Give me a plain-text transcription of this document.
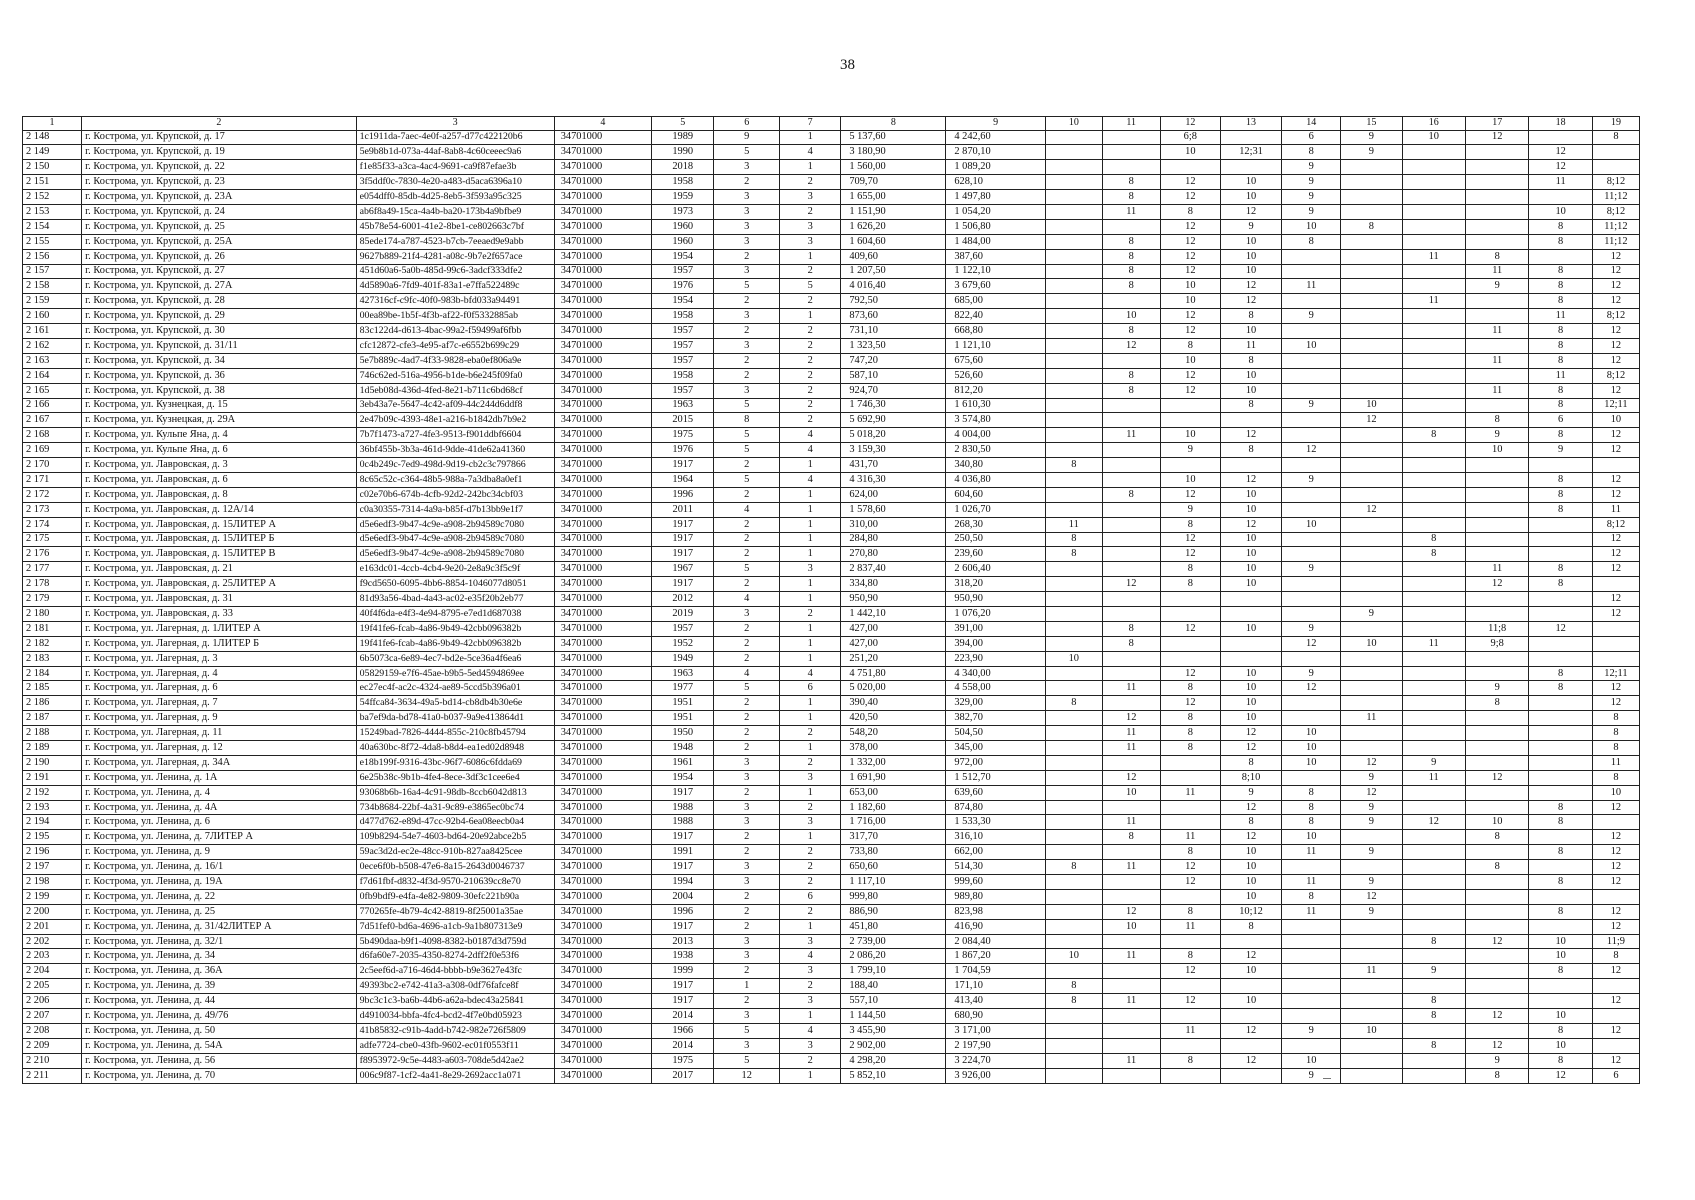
38
1	2	3	4	5	6	7	8	9	10	11	12	13	14	15	16	17	18	19
2 148	г. Кострома, ул. Крупской, д. 17	1c1911da-7aec-4e0f-a257-d77c422120b6	34701000	1989	9	1	5 137,60	4 242,60			6;8		6	9	10	12		8
2 149	г. Кострома, ул. Крупской, д. 19	5e9b8b1d-073a-44af-8ab8-4c60ceeec9a6	34701000	1990	5	4	3 180,90	2 870,10			10	12;31	8	9			12	
2 150	г. Кострома, ул. Крупской, д. 22	f1e85f33-a3ca-4ac4-9691-ca9f87efae3b	34701000	2018	3	1	1 560,00	1 089,20					9				12	
2 151	г. Кострома, ул. Крупской, д. 23	3f5ddf0c-7830-4e20-a483-d5aca6396a10	34701000	1958	2	2	709,70	628,10		8	12	10	9				11	8;12
2 152	г. Кострома, ул. Крупской, д. 23А	e054dff0-85db-4d25-8eb5-3f593a95c325	34701000	1959	3	3	1 655,00	1 497,80		8	12	10	9					11;12
2 153	г. Кострома, ул. Крупской, д. 24	ab6f8a49-15ca-4a4b-ba20-173b4a9bfbe9	34701000	1973	3	2	1 151,90	1 054,20		11	8	12	9				10	8;12
2 154	г. Кострома, ул. Крупской, д. 25	45b78e54-6001-41e2-8be1-ce802663c7bf	34701000	1960	3	3	1 626,20	1 506,80			12	9	10	8			8	11;12
2 155	г. Кострома, ул. Крупской, д. 25А	85ede174-a787-4523-b7cb-7eeaed9e9abb	34701000	1960	3	3	1 604,60	1 484,00		8	12	10	8				8	11;12
2 156	г. Кострома, ул. Крупской, д. 26	9627b889-21f4-4281-a08c-9b7e2f657ace	34701000	1954	2	1	409,60	387,60		8	12	10			11	8		12
2 157	г. Кострома, ул. Крупской, д. 27	451d60a6-5a0b-485d-99c6-3adcf333dfe2	34701000	1957	3	2	1 207,50	1 122,10		8	12	10				11	8	12
2 158	г. Кострома, ул. Крупской, д. 27А	4d5890a6-7fd9-401f-83a1-e7ffa522489c	34701000	1976	5	5	4 016,40	3 679,60		8	10	12	11			9	8	12
2 159	г. Кострома, ул. Крупской, д. 28	427316cf-c9fc-40f0-983b-bfd033a94491	34701000	1954	2	2	792,50	685,00			10	12			11		8	12
2 160	г. Кострома, ул. Крупской, д. 29	00ea89be-1b5f-4f3b-af22-f0f5332885ab	34701000	1958	3	1	873,60	822,40		10	12	8	9				11	8;12
2 161	г. Кострома, ул. Крупской, д. 30	83c122d4-d613-4bac-99a2-f59499af6fbb	34701000	1957	2	2	731,10	668,80		8	12	10				11	8	12
2 162	г. Кострома, ул. Крупской, д. 31/11	cfc12872-cfe3-4e95-af7c-e6552b699c29	34701000	1957	3	2	1 323,50	1 121,10		12	8	11	10				8	12
2 163	г. Кострома, ул. Крупской, д. 34	5e7b889c-4ad7-4f33-9828-eba0ef806a9e	34701000	1957	2	2	747,20	675,60			10	8				11	8	12
2 164	г. Кострома, ул. Крупской, д. 36	746c62ed-516a-4956-b1de-b6e245f09fa0	34701000	1958	2	2	587,10	526,60		8	12	10					11	8;12
2 165	г. Кострома, ул. Крупской, д. 38	1d5eb08d-436d-4fed-8e21-b711c6bd68cf	34701000	1957	3	2	924,70	812,20		8	12	10				11	8	12
2 166	г. Кострома, ул. Кузнецкая, д. 15	3eb43a7e-5647-4c42-af09-44c244d6ddf8	34701000	1963	5	2	1 746,30	1 610,30				8	9	10			8	12;11
2 167	г. Кострома, ул. Кузнецкая, д. 29А	2e47b09c-4393-48e1-a216-b1842db7b9e2	34701000	2015	8	2	5 692,90	3 574,80						12		8	6	10
2 168	г. Кострома, ул. Кульпе Яна, д. 4	7b7f1473-a727-4fe3-9513-f901ddbf6604	34701000	1975	5	4	5 018,20	4 004,00		11	10	12			8	9	8	12
2 169	г. Кострома, ул. Кульпе Яна, д. 6	36bf455b-3b3a-461d-9dde-41de62a41360	34701000	1976	5	4	3 159,30	2 830,50			9	8	12			10	9	12
2 170	г. Кострома, ул. Лавровская, д. 3	0c4b249c-7ed9-498d-9d19-cb2c3c797866	34701000	1917	2	1	431,70	340,80	8									
2 171	г. Кострома, ул. Лавровская, д. 6	8c65c52c-c364-48b5-988a-7a3dba8a0ef1	34701000	1964	5	4	4 316,30	4 036,80			10	12	9				8	12
2 172	г. Кострома, ул. Лавровская, д. 8	c02e70b6-674b-4cfb-92d2-242bc34cbf03	34701000	1996	2	1	624,00	604,60		8	12	10					8	12
2 173	г. Кострома, ул. Лавровская, д. 12А/14	c0a30355-7314-4a9a-b85f-d7b13bb9e1f7	34701000	2011	4	1	1 578,60	1 026,70			9	10		12			8	11
2 174	г. Кострома, ул. Лавровская, д. 15ЛИТЕР А	d5e6edf3-9b47-4c9e-a908-2b94589c7080	34701000	1917	2	1	310,00	268,30	11		8	12	10					8;12
2 175	г. Кострома, ул. Лавровская, д. 15ЛИТЕР Б	d5e6edf3-9b47-4c9e-a908-2b94589c7080	34701000	1917	2	1	284,80	250,50	8		12	10			8			12
2 176	г. Кострома, ул. Лавровская, д. 15ЛИТЕР В	d5e6edf3-9b47-4c9e-a908-2b94589c7080	34701000	1917	2	1	270,80	239,60	8		12	10			8			12
2 177	г. Кострома, ул. Лавровская, д. 21	e163dc01-4ccb-4cb4-9e20-2e8a9c3f5c9f	34701000	1967	5	3	2 837,40	2 606,40			8	10	9			11	8	12
2 178	г. Кострома, ул. Лавровская, д. 25ЛИТЕР А	f9cd5650-6095-4bb6-8854-1046077d8051	34701000	1917	2	1	334,80	318,20		12	8	10				12	8	
2 179	г. Кострома, ул. Лавровская, д. 31	81d93a56-4bad-4a43-ac02-e35f20b2eb77	34701000	2012	4	1	950,90	950,90										12
2 180	г. Кострома, ул. Лавровская, д. 33	40f4f6da-e4f3-4e94-8795-e7ed1d687038	34701000	2019	3	2	1 442,10	1 076,20						9				12
2 181	г. Кострома, ул. Лагерная, д. 1ЛИТЕР А	19f41fe6-fcab-4a86-9b49-42cbb096382b	34701000	1957	2	1	427,00	391,00		8	12	10	9			11;8	12	
2 182	г. Кострома, ул. Лагерная, д. 1ЛИТЕР Б	19f41fe6-fcab-4a86-9b49-42cbb096382b	34701000	1952	2	1	427,00	394,00		8			12	10	11	9;8		
2 183	г. Кострома, ул. Лагерная, д. 3	6b5073ca-6e89-4ec7-bd2e-5ce36a4f6ea6	34701000	1949	2	1	251,20	223,90	10									
2 184	г. Кострома, ул. Лагерная, д. 4	05829159-e7f6-45ae-b9b5-5ed4594869ee	34701000	1963	4	4	4 751,80	4 340,00			12	10	9				8	12;11
2 185	г. Кострома, ул. Лагерная, д. 6	ec27ec4f-ac2c-4324-ae89-5ccd5b396a01	34701000	1977	5	6	5 020,00	4 558,00		11	8	10	12			9	8	12
2 186	г. Кострома, ул. Лагерная, д. 7	54ffca84-3634-49a5-bd14-cb8db4b30e6e	34701000	1951	2	1	390,40	329,00	8		12	10				8		12
2 187	г. Кострома, ул. Лагерная, д. 9	ba7ef9da-bd78-41a0-b037-9a9e413864d1	34701000	1951	2	1	420,50	382,70		12	8	10		11				8
2 188	г. Кострома, ул. Лагерная, д. 11	15249bad-7826-4444-855c-210c8fb45794	34701000	1950	2	2	548,20	504,50		11	8	12	10					8
2 189	г. Кострома, ул. Лагерная, д. 12	40a630bc-8f72-4da8-b8d4-ea1ed02d8948	34701000	1948	2	1	378,00	345,00		11	8	12	10					8
2 190	г. Кострома, ул. Лагерная, д. 34А	e18b199f-9316-43bc-96f7-6086c6fdda69	34701000	1961	3	2	1 332,00	972,00				8	10	12	9			11
2 191	г. Кострома, ул. Ленина, д. 1А	6e25b38c-9b1b-4fe4-8ece-3df3c1cee6e4	34701000	1954	3	3	1 691,90	1 512,70		12		8;10		9	11	12		8
2 192	г. Кострома, ул. Ленина, д. 4	93068b6b-16a4-4c91-98db-8ccb6042d813	34701000	1917	2	1	653,00	639,60		10	11	9	8	12				10
2 193	г. Кострома, ул. Ленина, д. 4А	734b8684-22bf-4a31-9c89-e3865ec0bc74	34701000	1988	3	2	1 182,60	874,80				12	8	9			8	12
2 194	г. Кострома, ул. Ленина, д. 6	d477d762-e89d-47cc-92b4-6ea08eecb0a4	34701000	1988	3	3	1 716,00	1 533,30		11		8	8	9	12	10	8	
2 195	г. Кострома, ул. Ленина, д. 7ЛИТЕР А	109b8294-54e7-4603-bd64-20e92abce2b5	34701000	1917	2	1	317,70	316,10		8	11	12	10			8		12
2 196	г. Кострома, ул. Ленина, д. 9	59ac3d2d-ec2e-48cc-910b-827aa8425cee	34701000	1991	2	2	733,80	662,00			8	10	11	9			8	12
2 197	г. Кострома, ул. Ленина, д. 16/1	0ece6f0b-b508-47e6-8a15-2643d0046737	34701000	1917	3	2	650,60	514,30	8	11	12	10				8		12
2 198	г. Кострома, ул. Ленина, д. 19А	f7d61fbf-d832-4f3d-9570-210639cc8e70	34701000	1994	3	2	1 117,10	999,60			12	10	11	9			8	12
2 199	г. Кострома, ул. Ленина, д. 22	0fb9bdf9-e4fa-4e82-9809-30efc221b90a	34701000	2004	2	6	999,80	989,80				10	8	12				
2 200	г. Кострома, ул. Ленина, д. 25	770265fe-4b79-4c42-8819-8f25001a35ae	34701000	1996	2	2	886,90	823,98		12	8	10;12	11	9			8	12
2 201	г. Кострома, ул. Ленина, д. 31/42ЛИТЕР А	7d51fef0-bd6a-4696-a1cb-9a1b807313e9	34701000	1917	2	1	451,80	416,90		10	11	8						12
2 202	г. Кострома, ул. Ленина, д. 32/1	5b490daa-b9f1-4098-8382-b0187d3d759d	34701000	2013	3	3	2 739,00	2 084,40							8	12	10	11;9
2 203	г. Кострома, ул. Ленина, д. 34	d6fa60e7-2035-4350-8274-2dff2f0e53f6	34701000	1938	3	4	2 086,20	1 867,20	10	11	8	12					10	8
2 204	г. Кострома, ул. Ленина, д. 36А	2c5eef6d-a716-46d4-bbbb-b9e3627e43fc	34701000	1999	2	3	1 799,10	1 704,59			12	10		11	9		8	12
2 205	г. Кострома, ул. Ленина, д. 39	49393bc2-e742-41a3-a308-0df76fafce8f	34701000	1917	1	2	188,40	171,10	8									
2 206	г. Кострома, ул. Ленина, д. 44	9bc3c1c3-ba6b-44b6-a62a-bdec43a25841	34701000	1917	2	3	557,10	413,40	8	11	12	10			8			12
2 207	г. Кострома, ул. Ленина, д. 49/76	d4910034-bbfa-4fc4-bcd2-4f7e0bd05923	34701000	2014	3	1	1 144,50	680,90							8	12	10	
2 208	г. Кострома, ул. Ленина, д. 50	41b85832-c91b-4add-b742-982e726f5809	34701000	1966	5	4	3 455,90	3 171,00			11	12	9	10			8	12
2 209	г. Кострома, ул. Ленина, д. 54А	adfe7724-cbe0-43fb-9602-ec01f0553f11	34701000	2014	3	3	2 902,00	2 197,90							8	12	10	
2 210	г. Кострома, ул. Ленина, д. 56	f8953972-9c5e-4483-a603-708de5d42ae2	34701000	1975	5	2	4 298,20	3 224,70		11	8	12	10			9	8	12
2 211	г. Кострома, ул. Ленина, д. 70	006c9f87-1cf2-4a41-8e29-2692acc1a071	34701000	2017	12	1	5 852,10	3 926,00					9			8	12	6
